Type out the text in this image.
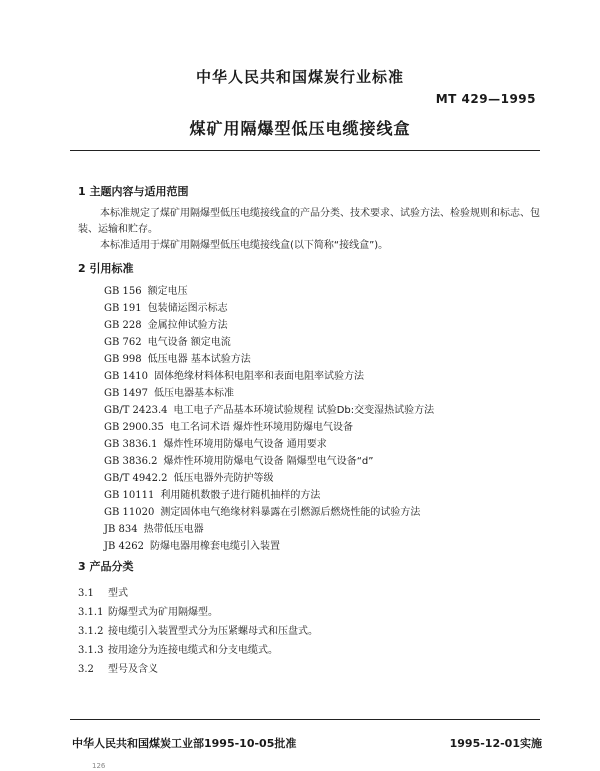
中华人民共和国煤炭行业标准
MT 429—1995
煤矿用隔爆型低压电缆接线盒
1 主题内容与适用范围
本标准规定了煤矿用隔爆型低压电缆接线盒的产品分类、技术要求、试验方法、检验规则和标志、包装、运输和贮存。
本标准适用于煤矿用隔爆型低压电缆接线盒(以下简称“接线盒”)。
2 引用标准
GB 156 额定电压
GB 191 包装储运图示标志
GB 228 金属拉伸试验方法
GB 762 电气设备 额定电流
GB 998 低压电器 基本试验方法
GB 1410 固体绝缘材料体积电阻率和表面电阻率试验方法
GB 1497 低压电器基本标准
GB/T 2423.4 电工电子产品基本环境试验规程 试验Db:交变湿热试验方法
GB 2900.35 电工名词术语 爆炸性环境用防爆电气设备
GB 3836.1 爆炸性环境用防爆电气设备 通用要求
GB 3836.2 爆炸性环境用防爆电气设备 隔爆型电气设备“d”
GB/T 4942.2 低压电器外壳防护等级
GB 10111 利用随机数骰子进行随机抽样的方法
GB 11020 测定固体电气绝缘材料暴露在引燃源后燃烧性能的试验方法
JB 834 热带低压电器
JB 4262 防爆电器用橡套电缆引入装置
3 产品分类
3.1 型式
3.1.1 防爆型式为矿用隔爆型。
3.1.2 接电缆引入装置型式分为压紧螺母式和压盘式。
3.1.3 按用途分为连接电缆式和分支电缆式。
3.2 型号及含义
中华人民共和国煤炭工业部1995-10-05批准	1995-12-01实施
126
